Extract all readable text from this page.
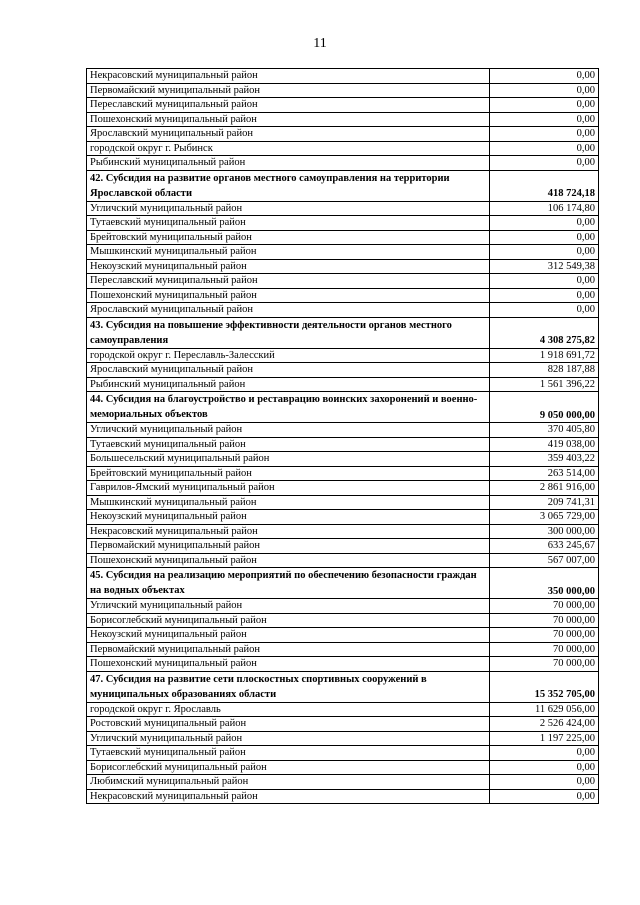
11
Некрасовский муниципальный район	0,00
Первомайский муниципальный район	0,00
Переславский муниципальный район	0,00
Пошехонский муниципальный район	0,00
Ярославский муниципальный район	0,00
городской округ г. Рыбинск	0,00
Рыбинский муниципальный район	0,00
42. Субсидия на развитие органов местного самоуправления на территории Ярославской области	418 724,18
Угличский муниципальный район	106 174,80
Тутаевский муниципальный район	0,00
Брейтовский муниципальный район	0,00
Мышкинский муниципальный район	0,00
Некоузский муниципальный район	312 549,38
Переславский муниципальный район	0,00
Пошехонский муниципальный район	0,00
Ярославский муниципальный район	0,00
43. Субсидия на повышение эффективности деятельности органов местного самоуправления	4 308 275,82
городской округ г. Переславль-Залесский	1 918 691,72
Ярославский муниципальный район	828 187,88
Рыбинский муниципальный район	1 561 396,22
44. Субсидия на благоустройство и реставрацию воинских захоронений и военно-мемориальных объектов	9 050 000,00
Угличский муниципальный район	370 405,80
Тутаевский муниципальный район	419 038,00
Большесельский муниципальный район	359 403,22
Брейтовский муниципальный район	263 514,00
Гаврилов-Ямский муниципальный район	2 861 916,00
Мышкинский муниципальный район	209 741,31
Некоузский муниципальный район	3 065 729,00
Некрасовский муниципальный район	300 000,00
Первомайский муниципальный район	633 245,67
Пошехонский муниципальный район	567 007,00
45. Субсидия на реализацию мероприятий по обеспечению безопасности граждан на водных объектах	350 000,00
Угличский муниципальный район	70 000,00
Борисоглебский муниципальный район	70 000,00
Некоузский муниципальный район	70 000,00
Первомайский муниципальный район	70 000,00
Пошехонский муниципальный район	70 000,00
47. Субсидия на развитие сети плоскостных спортивных сооружений в муниципальных образованиях области	15 352 705,00
городской округ г. Ярославль	11 629 056,00
Ростовский муниципальный район	2 526 424,00
Угличский муниципальный район	1 197 225,00
Тутаевский муниципальный район	0,00
Борисоглебский муниципальный район	0,00
Любимский муниципальный район	0,00
Некрасовский муниципальный район	0,00
